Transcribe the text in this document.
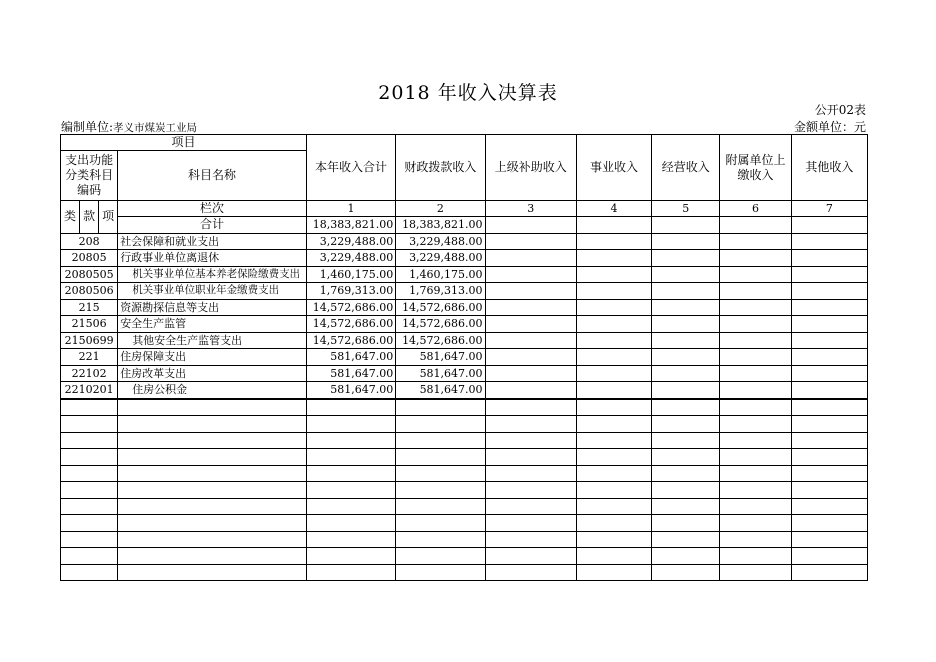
2018 年收入决算表
公开02表
编制单位:孝义市煤炭工业局	金额单位：元
项目				本年收入合计	财政拨款收入	上级补助收入	事业收入	经营收入	附属单位上缴收入	其他收入
支出功能分类科目编码			科目名称							
类	款	项	栏次	1	2	3	4	5	6	7
			合计	18,383,821.00	18,383,821.00					
208			社会保障和就业支出	3,229,488.00	3,229,488.00					
20805			行政事业单位离退休	3,229,488.00	3,229,488.00					
2080505			机关事业单位基本养老保险缴费支出	1,460,175.00	1,460,175.00					
2080506			机关事业单位职业年金缴费支出	1,769,313.00	1,769,313.00					
215			资源勘探信息等支出	14,572,686.00	14,572,686.00					
21506			安全生产监管	14,572,686.00	14,572,686.00					
2150699			其他安全生产监管支出	14,572,686.00	14,572,686.00					
221			住房保障支出	581,647.00	581,647.00					
22102			住房改革支出	581,647.00	581,647.00					
2210201			住房公积金	581,647.00	581,647.00					
